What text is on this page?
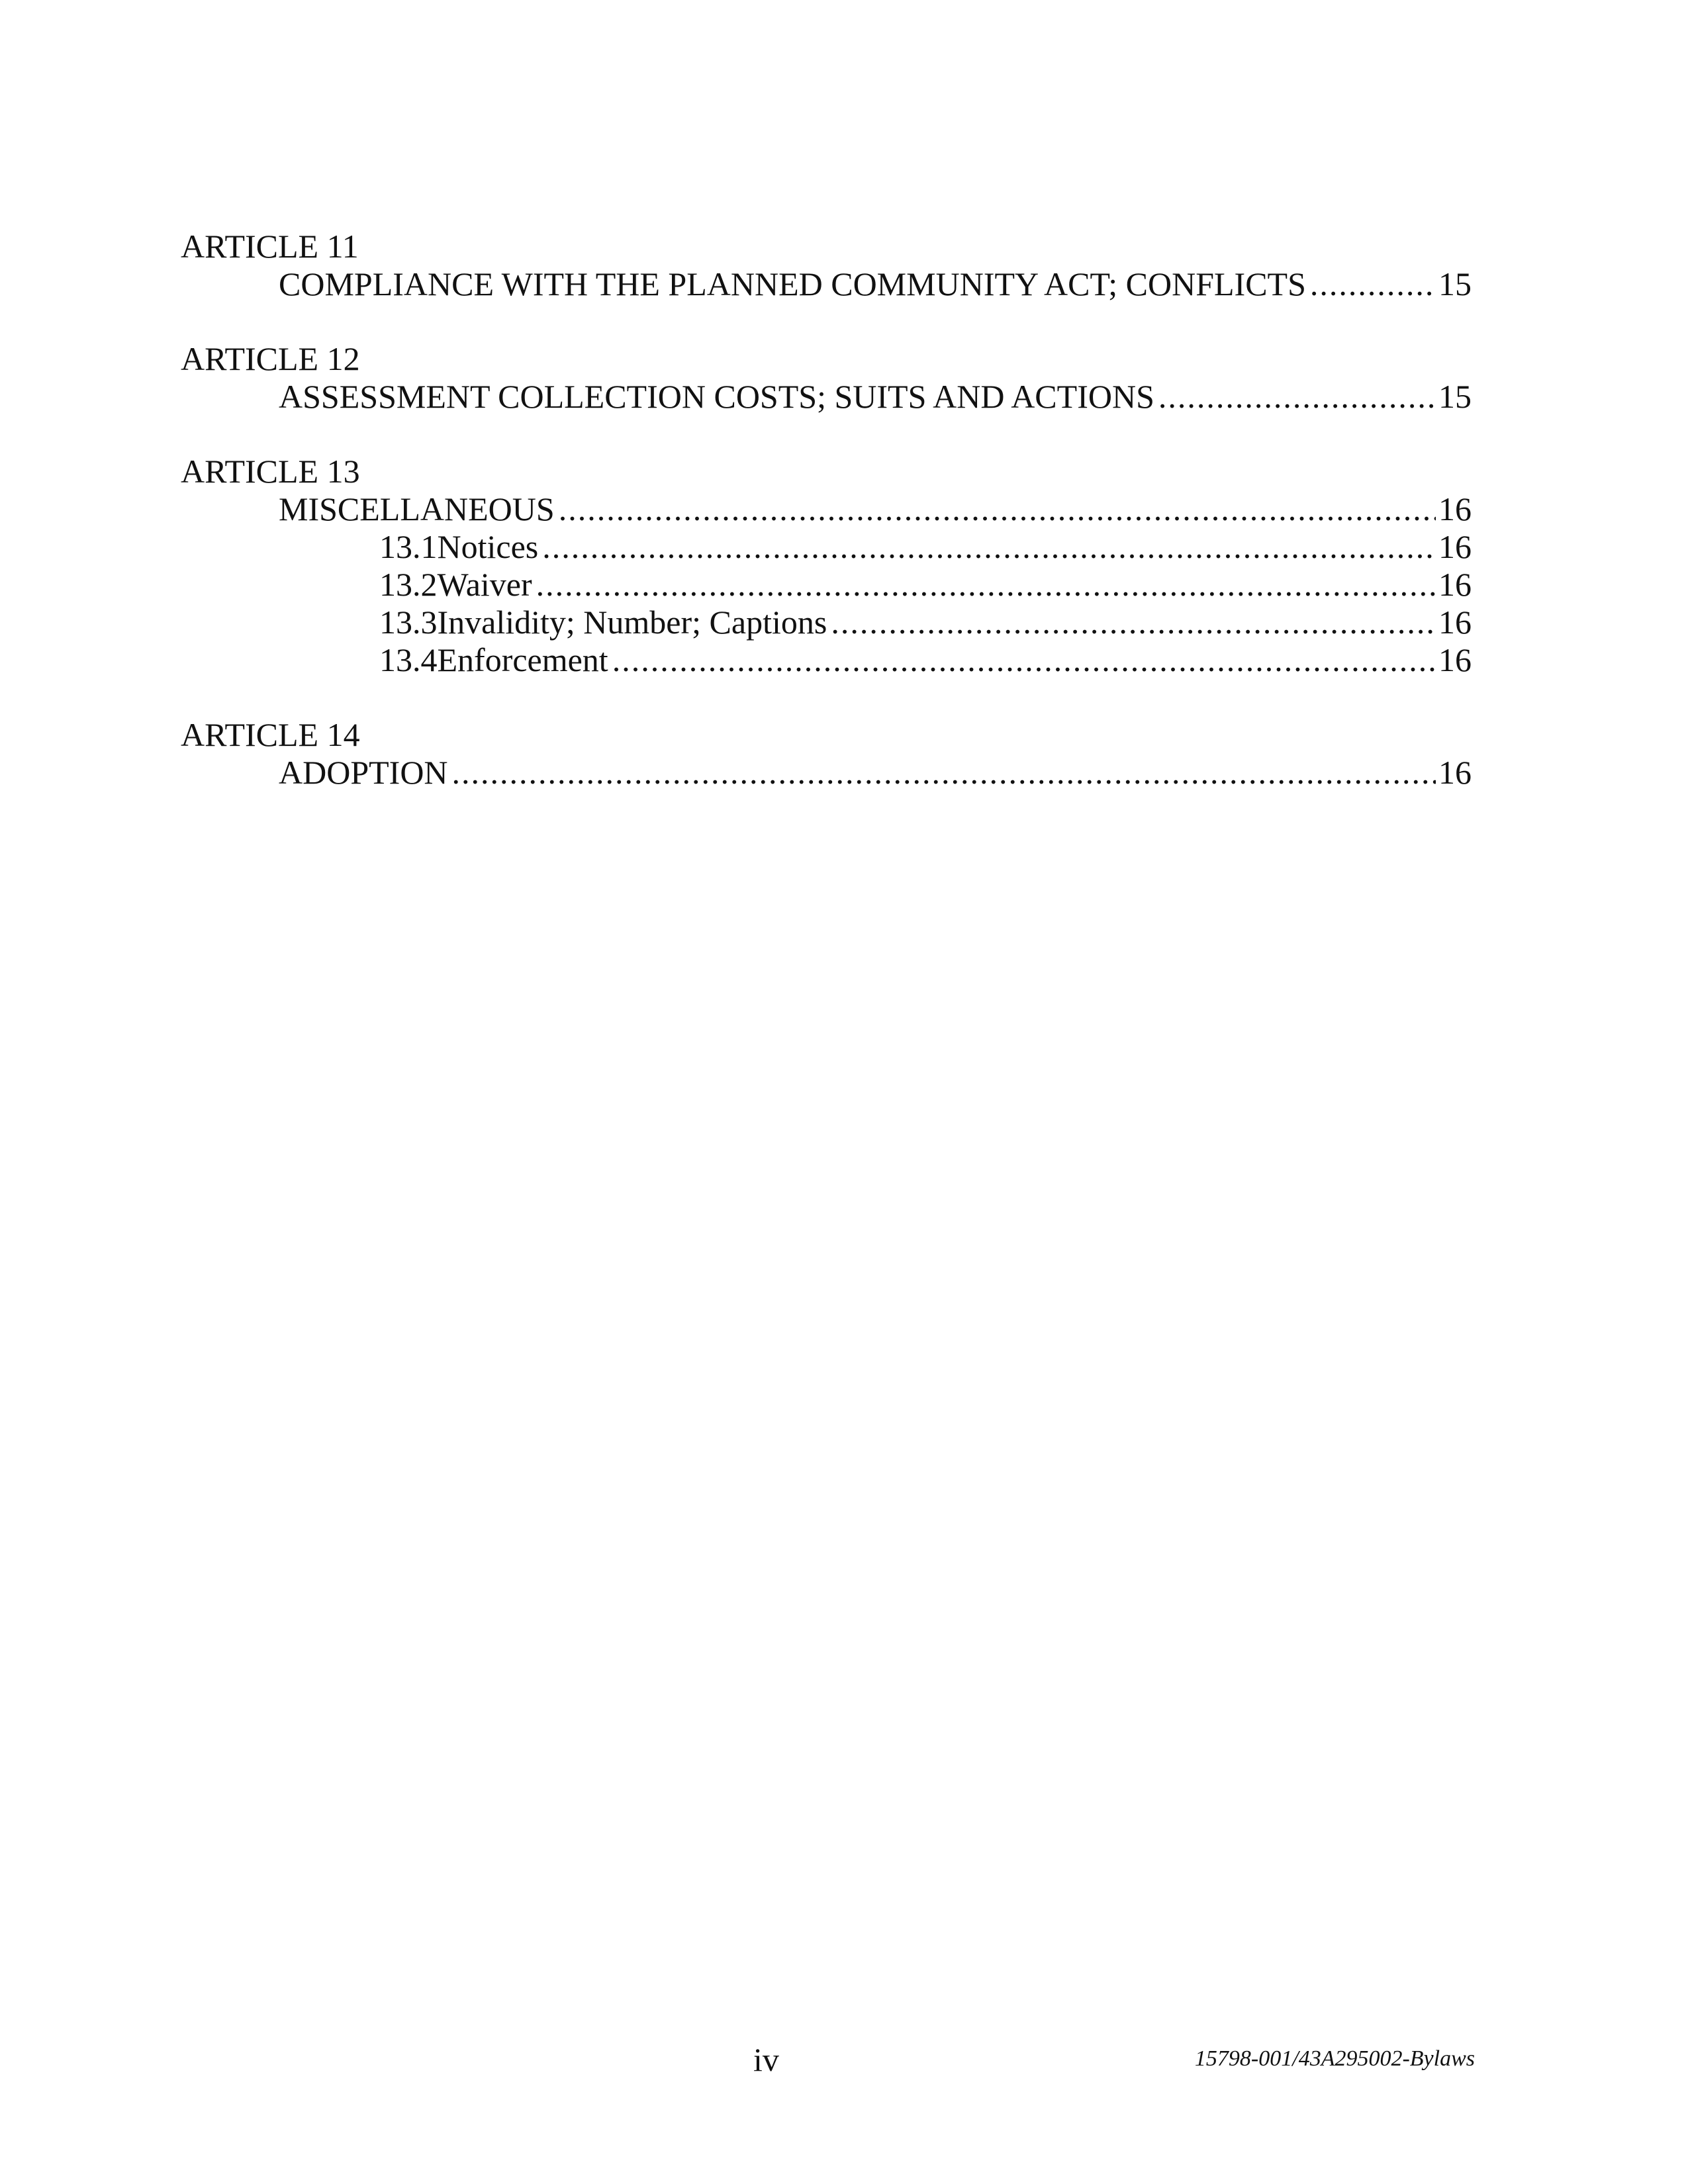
ARTICLE 11
COMPLIANCE WITH THE PLANNED COMMUNITY ACT; CONFLICTS .....	15
ARTICLE 12
ASSESSMENT COLLECTION COSTS; SUITS AND ACTIONS .....	15
ARTICLE 13
MISCELLANEOUS .....	16
13.1 Notices .....	16
13.2 Waiver .....	16
13.3 Invalidity; Number; Captions .....	16
13.4 Enforcement .....	16
ARTICLE 14
ADOPTION .....	16
iv	15798-001/43A295002-Bylaws
